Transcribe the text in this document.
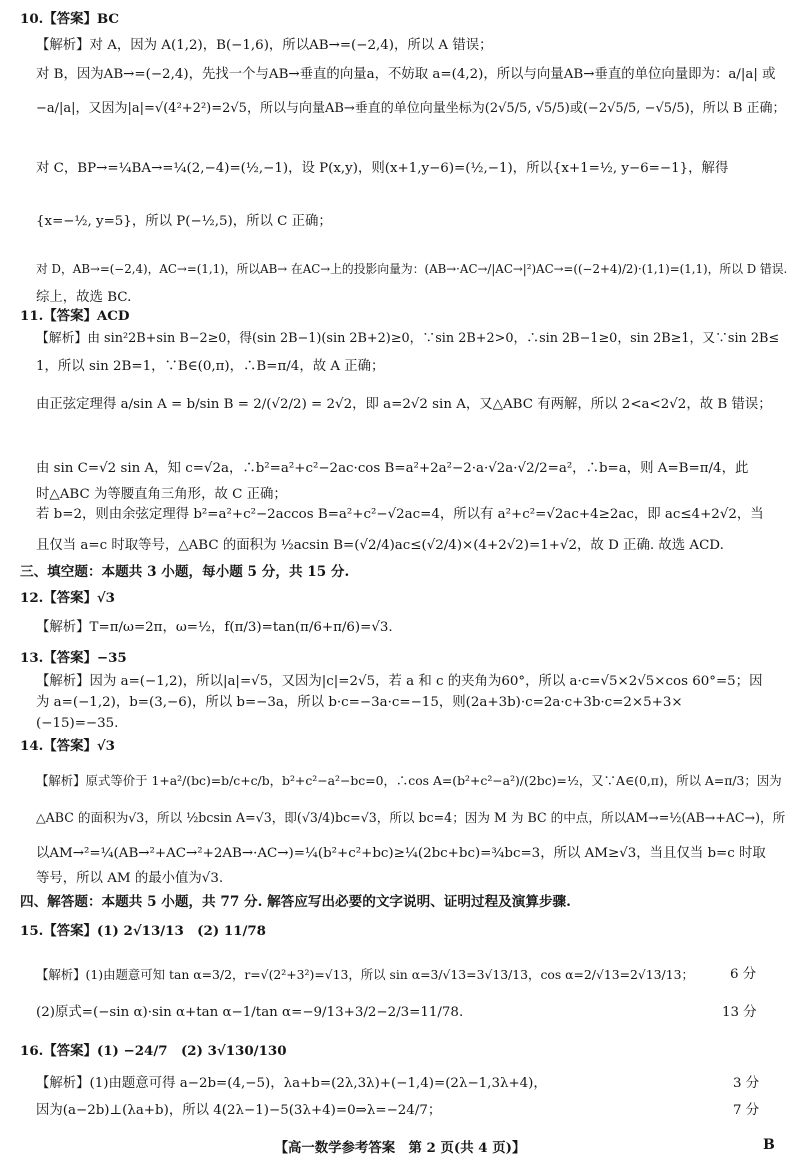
10.【答案】BC
【解析】对 A，因为 A(1,2)，B(−1,6)，所以AB→=(−2,4)，所以 A 错误；
对 B，因为AB→=(−2,4)，先找一个与AB→垂直的向量a，不妨取 a=(4,2)，所以与向量AB→垂直的单位向量即为：a/|a| 或
−a/|a|，又因为|a|=√(4²+2²)=2√5，所以与向量AB→垂直的单位向量坐标为(2√5/5, √5/5)或(−2√5/5, −√5/5)，所以 B 正确；
对 C，BP→=¼BA→=¼(2,−4)=(½,−1)，设 P(x,y)，则(x+1,y−6)=(½,−1)，所以{x+1=½, y−6=−1}，解得
{x=−½, y=5}，所以 P(−½,5)，所以 C 正确；
对 D，AB→=(−2,4)，AC→=(1,1)，所以AB→ 在AC→上的投影向量为：(AB→·AC→/|AC→|²)AC→=((−2+4)/2)·(1,1)=(1,1)，所以 D 错误.
综上，故选 BC.
11.【答案】ACD
【解析】由 sin²2B+sin B−2≥0，得(sin 2B−1)(sin 2B+2)≥0，∵sin 2B+2>0，∴sin 2B−1≥0，sin 2B≥1，又∵sin 2B≤
1，所以 sin 2B=1，∵B∈(0,π)，∴B=π/4，故 A 正确；
由正弦定理得 a/sin A = b/sin B = 2/(√2/2) = 2√2，即 a=2√2 sin A，又△ABC 有两解，所以 2<a<2√2，故 B 错误；
由 sin C=√2 sin A，知 c=√2a，∴b²=a²+c²−2ac·cos B=a²+2a²−2·a·√2a·√2/2=a²，∴b=a，则 A=B=π/4，此
时△ABC 为等腰直角三角形，故 C 正确；
若 b=2，则由余弦定理得 b²=a²+c²−2accos B=a²+c²−√2ac=4，所以有 a²+c²=√2ac+4≥2ac，即 ac≤4+2√2，当
且仅当 a=c 时取等号，△ABC 的面积为 ½acsin B=(√2/4)ac≤(√2/4)×(4+2√2)=1+√2，故 D 正确. 故选 ACD.
三、填空题：本题共 3 小题，每小题 5 分，共 15 分.
12.【答案】√3
【解析】T=π/ω=2π，ω=½，f(π/3)=tan(π/6+π/6)=√3.
13.【答案】−35
【解析】因为 a=(−1,2)，所以|a|=√5，又因为|c|=2√5，若 a 和 c 的夹角为60°，所以 a·c=√5×2√5×cos 60°=5；因
为 a=(−1,2)，b=(3,−6)，所以 b=−3a，所以 b·c=−3a·c=−15，则(2a+3b)·c=2a·c+3b·c=2×5+3×
(−15)=−35.
14.【答案】√3
【解析】原式等价于 1+a²/(bc)=b/c+c/b，b²+c²−a²−bc=0，∴cos A=(b²+c²−a²)/(2bc)=½，又∵A∈(0,π)，所以 A=π/3；因为
△ABC 的面积为√3，所以 ½bcsin A=√3，即(√3/4)bc=√3，所以 bc=4；因为 M 为 BC 的中点，所以AM→=½(AB→+AC→)，所
以AM→²=¼(AB→²+AC→²+2AB→·AC→)=¼(b²+c²+bc)≥¼(2bc+bc)=¾bc=3，所以 AM≥√3，当且仅当 b=c 时取
等号，所以 AM 的最小值为√3.
四、解答题：本题共 5 小题，共 77 分. 解答应写出必要的文字说明、证明过程及演算步骤.
15.【答案】(1) 2√13/13　(2) 11/78
【解析】(1)由题意可知 tan α=3/2，r=√(2²+3²)=√13，所以 sin α=3/√13=3√13/13，cos α=2/√13=2√13/13；	6 分
(2)原式=(−sin α)·sin α+tan α−1/tan α=−9/13+3/2−2/3=11/78.	13 分
16.【答案】(1) −24/7　(2) 3√130/130
【解析】(1)由题意可得 a−2b=(4,−5)，λa+b=(2λ,3λ)+(−1,4)=(2λ−1,3λ+4)，	3 分
因为(a−2b)⊥(λa+b)，所以 4(2λ−1)−5(3λ+4)=0⇒λ=−24/7；	7 分
【高一数学参考答案　第 2 页(共 4 页)】	B
